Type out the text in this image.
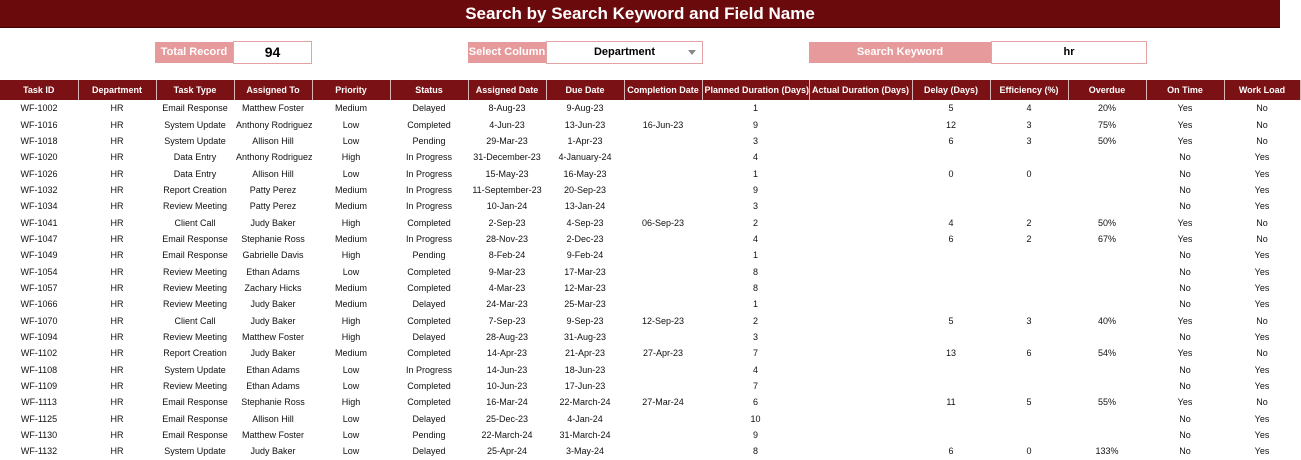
Search by Search Keyword and Field Name
Total Record	94	Select Column	Department	Search Keyword	hr
Task ID	Department	Task Type	Assigned To	Priority	Status	Assigned Date	Due Date	Completion Date	Planned Duration (Days)	Actual Duration (Days)	Delay (Days)	Efficiency (%)	Overdue	On Time	Work Load
WF-1002	HR	Email Response	Matthew Foster	Medium	Delayed	8-Aug-23	9-Aug-23		1		5	4	20%	Yes	No
WF-1016	HR	System Update	Anthony Rodriguez	Low	Completed	4-Jun-23	13-Jun-23	16-Jun-23	9		12	3	75%	Yes	No
WF-1018	HR	System Update	Allison Hill	Low	Pending	29-Mar-23	1-Apr-23		3		6	3	50%	Yes	No
WF-1020	HR	Data Entry	Anthony Rodriguez	High	In Progress	31-December-23	4-January-24		4					No	Yes
WF-1026	HR	Data Entry	Allison Hill	Low	In Progress	15-May-23	16-May-23		1		0	0		No	Yes
WF-1032	HR	Report Creation	Patty Perez	Medium	In Progress	11-September-23	20-Sep-23		9					No	Yes
WF-1034	HR	Review Meeting	Patty Perez	Medium	In Progress	10-Jan-24	13-Jan-24		3					No	Yes
WF-1041	HR	Client Call	Judy Baker	High	Completed	2-Sep-23	4-Sep-23	06-Sep-23	2		4	2	50%	Yes	No
WF-1047	HR	Email Response	Stephanie Ross	Medium	In Progress	28-Nov-23	2-Dec-23		4		6	2	67%	Yes	No
WF-1049	HR	Email Response	Gabrielle Davis	High	Pending	8-Feb-24	9-Feb-24		1					No	Yes
WF-1054	HR	Review Meeting	Ethan Adams	Low	Completed	9-Mar-23	17-Mar-23		8					No	Yes
WF-1057	HR	Review Meeting	Zachary Hicks	Medium	Completed	4-Mar-23	12-Mar-23		8					No	Yes
WF-1066	HR	Review Meeting	Judy Baker	Medium	Delayed	24-Mar-23	25-Mar-23		1					No	Yes
WF-1070	HR	Client Call	Judy Baker	High	Completed	7-Sep-23	9-Sep-23	12-Sep-23	2		5	3	40%	Yes	No
WF-1094	HR	Review Meeting	Matthew Foster	High	Delayed	28-Aug-23	31-Aug-23		3					No	Yes
WF-1102	HR	Report Creation	Judy Baker	Medium	Completed	14-Apr-23	21-Apr-23	27-Apr-23	7		13	6	54%	Yes	No
WF-1108	HR	System Update	Ethan Adams	Low	In Progress	14-Jun-23	18-Jun-23		4					No	Yes
WF-1109	HR	Review Meeting	Ethan Adams	Low	Completed	10-Jun-23	17-Jun-23		7					No	Yes
WF-1113	HR	Email Response	Stephanie Ross	High	Completed	16-Mar-24	22-March-24	27-Mar-24	6		11	5	55%	Yes	No
WF-1125	HR	Email Response	Allison Hill	Low	Delayed	25-Dec-23	4-Jan-24		10					No	Yes
WF-1130	HR	Email Response	Matthew Foster	Low	Pending	22-March-24	31-March-24		9					No	Yes
WF-1132	HR	System Update	Judy Baker	Low	Delayed	25-Apr-24	3-May-24		8		6	0	133%	No	Yes
